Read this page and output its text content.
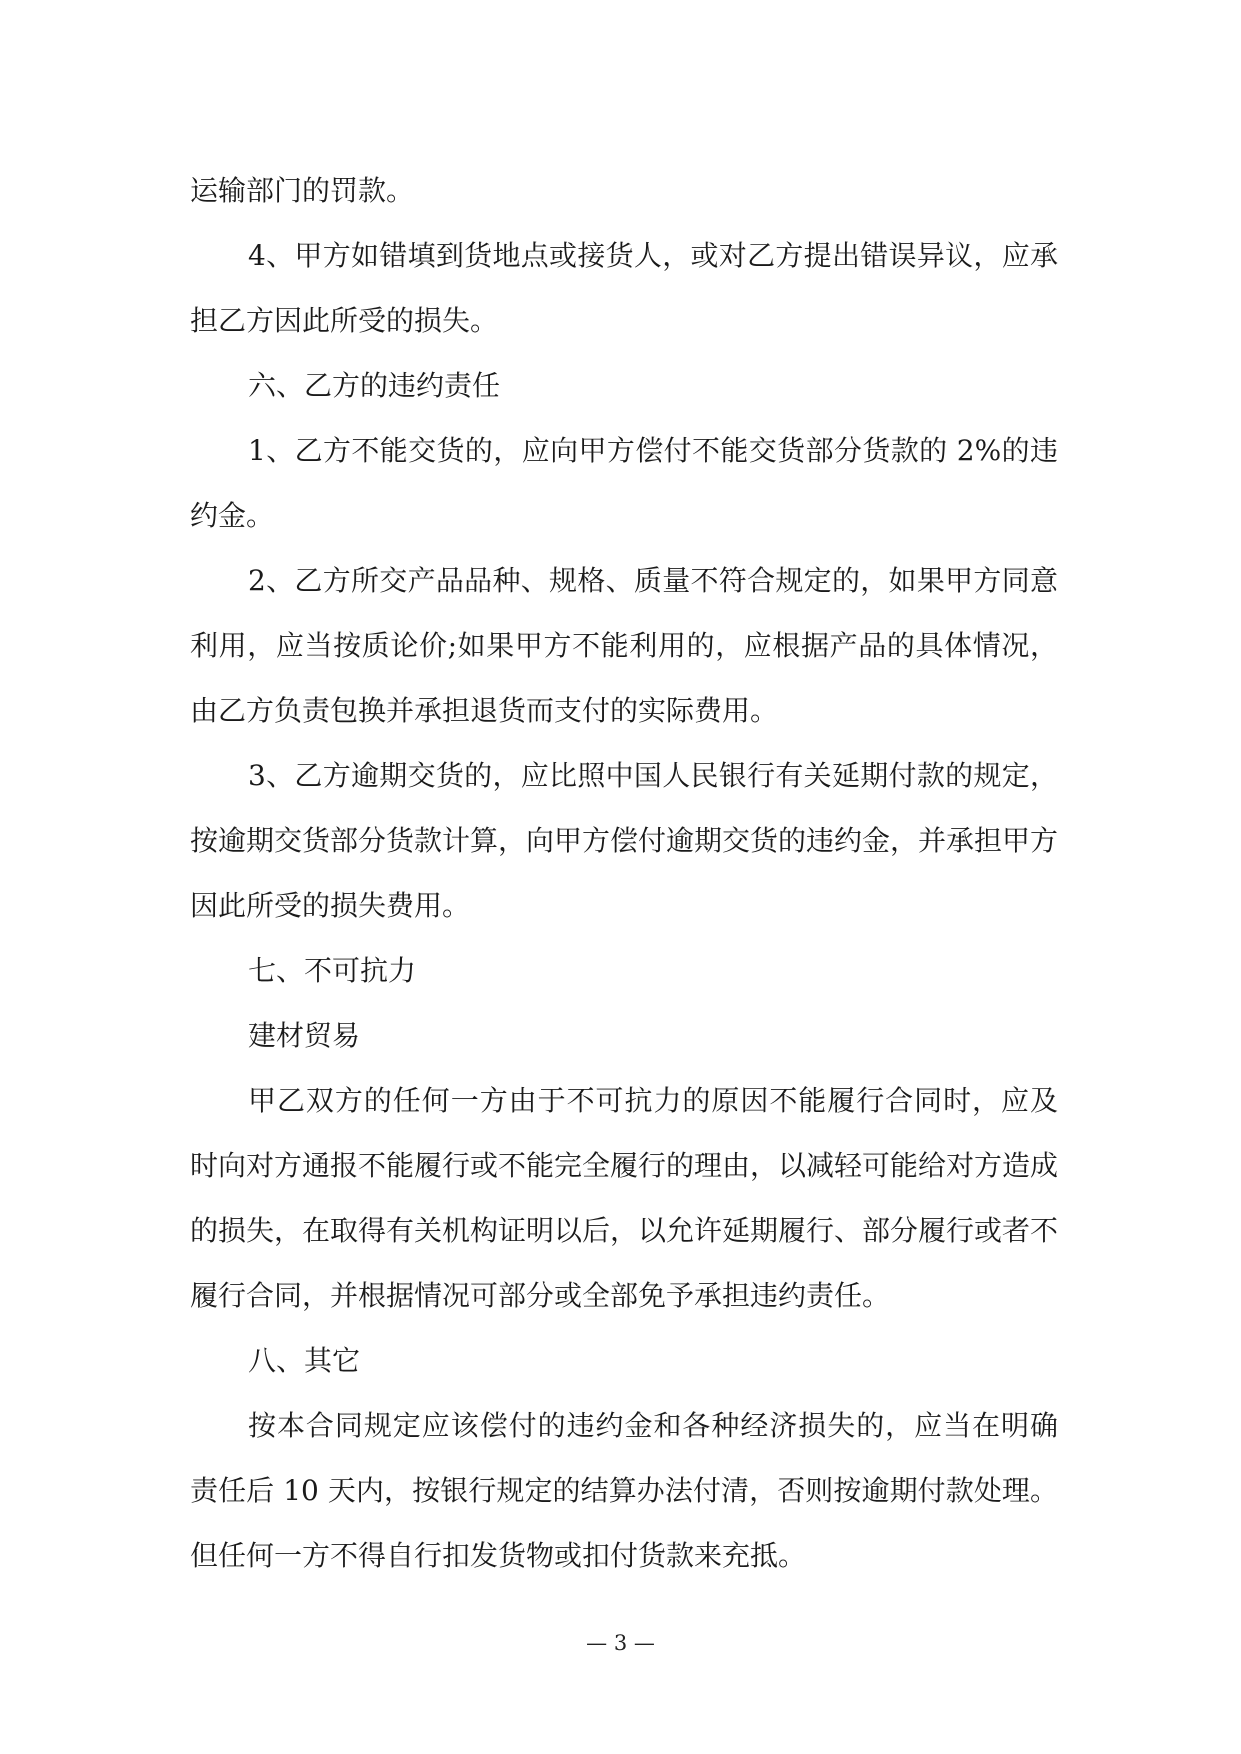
运输部门的罚款。

4、甲方如错填到货地点或接货人，或对乙方提出错误异议，应承担乙方因此所受的损失。

六、乙方的违约责任

1、乙方不能交货的，应向甲方偿付不能交货部分货款的 2%的违约金。

2、乙方所交产品品种、规格、质量不符合规定的，如果甲方同意利用，应当按质论价;如果甲方不能利用的，应根据产品的具体情况，由乙方负责包换并承担退货而支付的实际费用。

3、乙方逾期交货的，应比照中国人民银行有关延期付款的规定，按逾期交货部分货款计算，向甲方偿付逾期交货的违约金，并承担甲方因此所受的损失费用。

七、不可抗力

建材贸易

甲乙双方的任何一方由于不可抗力的原因不能履行合同时，应及时向对方通报不能履行或不能完全履行的理由，以减轻可能给对方造成的损失，在取得有关机构证明以后，以允许延期履行、部分履行或者不履行合同，并根据情况可部分或全部免予承担违约责任。

八、其它

按本合同规定应该偿付的违约金和各种经济损失的，应当在明确责任后 10 天内，按银行规定的结算办法付清，否则按逾期付款处理。但任何一方不得自行扣发货物或扣付货款来充抵。

— 3 —
